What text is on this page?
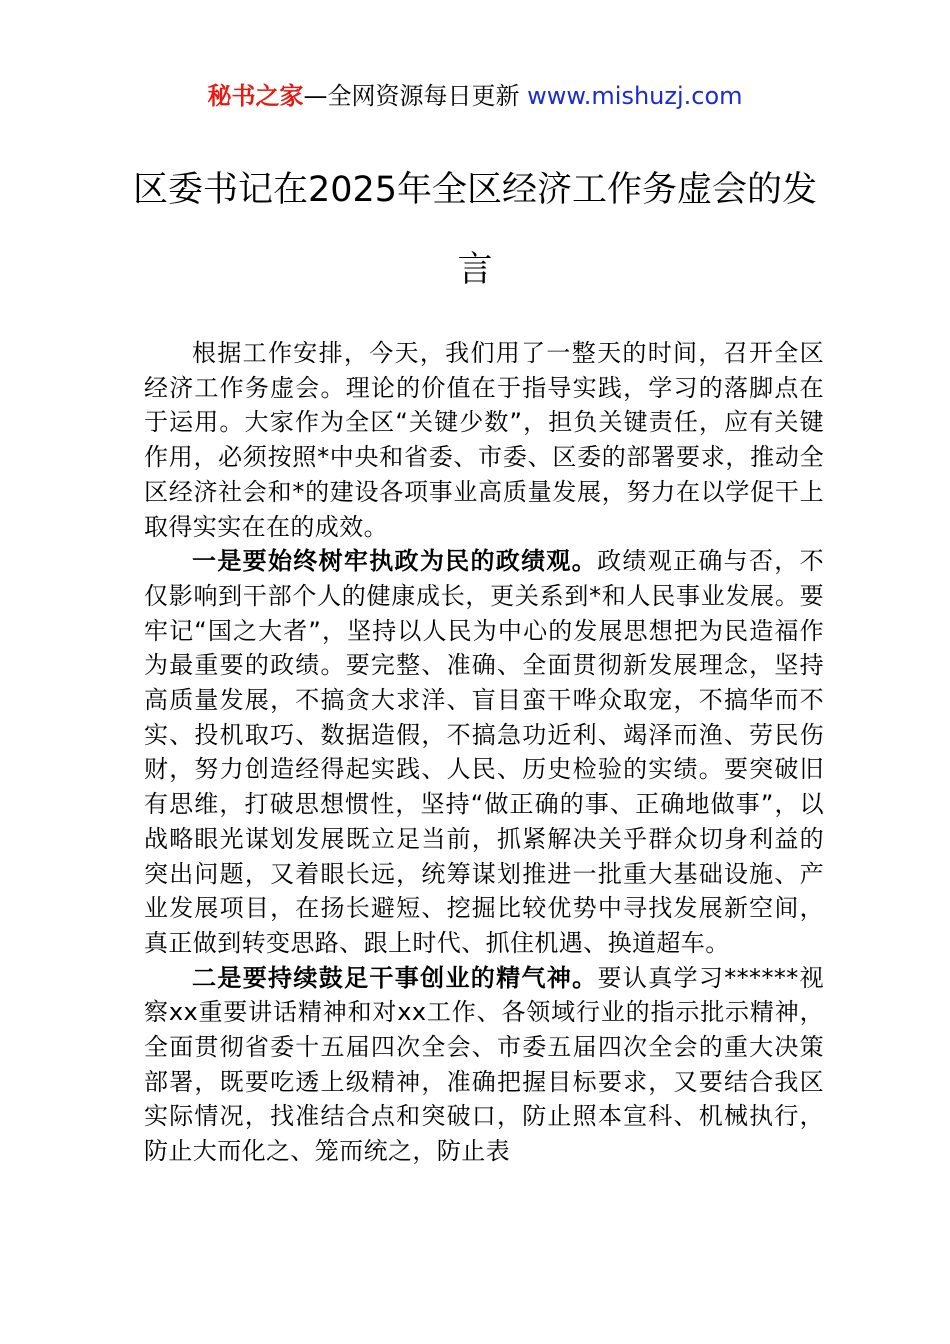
秘书之家—全网资源每日更新 www.mishuzj.com
区委书记在2025年全区经济工作务虚会的发言

根据工作安排，今天，我们用了一整天的时间，召开全区经济工作务虚会。理论的价值在于指导实践，学习的落脚点在于运用。大家作为全区“关键少数”，担负关键责任，应有关键作用，必须按照*中央和省委、市委、区委的部署要求，推动全区经济社会和*的建设各项事业高质量发展，努力在以学促干上取得实实在在的成效。

一是要始终树牢执政为民的政绩观。政绩观正确与否，不仅影响到干部个人的健康成长，更关系到*和人民事业发展。要牢记“国之大者”，坚持以人民为中心的发展思想把为民造福作为最重要的政绩。要完整、准确、全面贯彻新发展理念，坚持高质量发展，不搞贪大求洋、盲目蛮干哗众取宠，不搞华而不实、投机取巧、数据造假，不搞急功近利、竭泽而渔、劳民伤财，努力创造经得起实践、人民、历史检验的实绩。要突破旧有思维，打破思想惯性，坚持“做正确的事、正确地做事”，以战略眼光谋划发展既立足当前，抓紧解决关乎群众切身利益的突出问题，又着眼长远，统筹谋划推进一批重大基础设施、产业发展项目，在扬长避短、挖掘比较优势中寻找发展新空间，真正做到转变思路、跟上时代、抓住机遇、换道超车。

二是要持续鼓足干事创业的精气神。要认真学习******视察xx重要讲话精神和对xx工作、各领域行业的指示批示精神，全面贯彻省委十五届四次全会、市委五届四次全会的重大决策部署，既要吃透上级精神，准确把握目标要求，又要结合我区实际情况，找准结合点和突破口，防止照本宣科、机械执行，防止大而化之、笼而统之，防止表
